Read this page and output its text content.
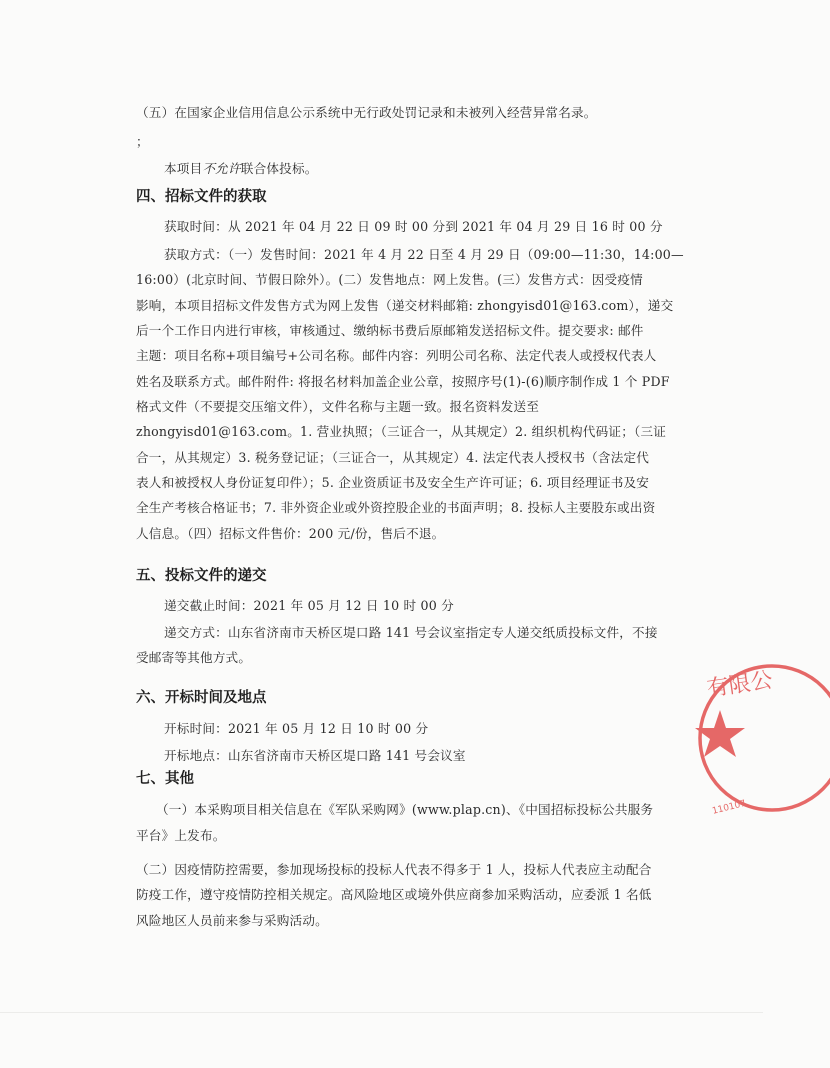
（五）在国家企业信用信息公示系统中无行政处罚记录和未被列入经营异常名录。
；
本项目不允许联合体投标。
四、招标文件的获取
获取时间：从 2021 年 04 月 22 日 09 时 00 分到 2021 年 04 月 29 日 16 时 00 分
获取方式：（一）发售时间：2021 年 4 月 22 日至 4 月 29 日（09:00—11:30，14:00—
16:00）(北京时间、节假日除外）。(二）发售地点：网上发售。(三）发售方式：因受疫情
影响，本项目招标文件发售方式为网上发售（递交材料邮箱: zhongyisd01@163.com），递交
后一个工作日内进行审核，审核通过、缴纳标书费后原邮箱发送招标文件。提交要求: 邮件
主题：项目名称+项目编号+公司名称。邮件内容：列明公司名称、法定代表人或授权代表人
姓名及联系方式。邮件附件: 将报名材料加盖企业公章，按照序号(1)-(6)顺序制作成 1 个 PDF
格式文件（不要提交压缩文件），文件名称与主题一致。报名资料发送至
zhongyisd01@163.com。1. 营业执照；（三证合一，从其规定）2. 组织机构代码证；（三证
合一，从其规定）3. 税务登记证；（三证合一，从其规定）4. 法定代表人授权书（含法定代
表人和被授权人身份证复印件）；5. 企业资质证书及安全生产许可证；6. 项目经理证书及安
全生产考核合格证书；7. 非外资企业或外资控股企业的书面声明；8. 投标人主要股东或出资
人信息。（四）招标文件售价：200 元/份，售后不退。
五、投标文件的递交
递交截止时间：2021 年 05 月 12 日 10 时 00 分
递交方式：山东省济南市天桥区堤口路 141 号会议室指定专人递交纸质投标文件，不接
受邮寄等其他方式。
六、开标时间及地点
开标时间：2021 年 05 月 12 日 10 时 00 分
开标地点：山东省济南市天桥区堤口路 141 号会议室
七、其他
（一）本采购项目相关信息在《军队采购网》(www.plap.cn)、《中国招标投标公共服务
平台》上发布。
（二）因疫情防控需要，参加现场投标的投标人代表不得多于 1 人，投标人代表应主动配合
防疫工作，遵守疫情防控相关规定。高风险地区或境外供应商参加采购活动，应委派 1 名低
风险地区人员前来参与采购活动。
有限公
110107
